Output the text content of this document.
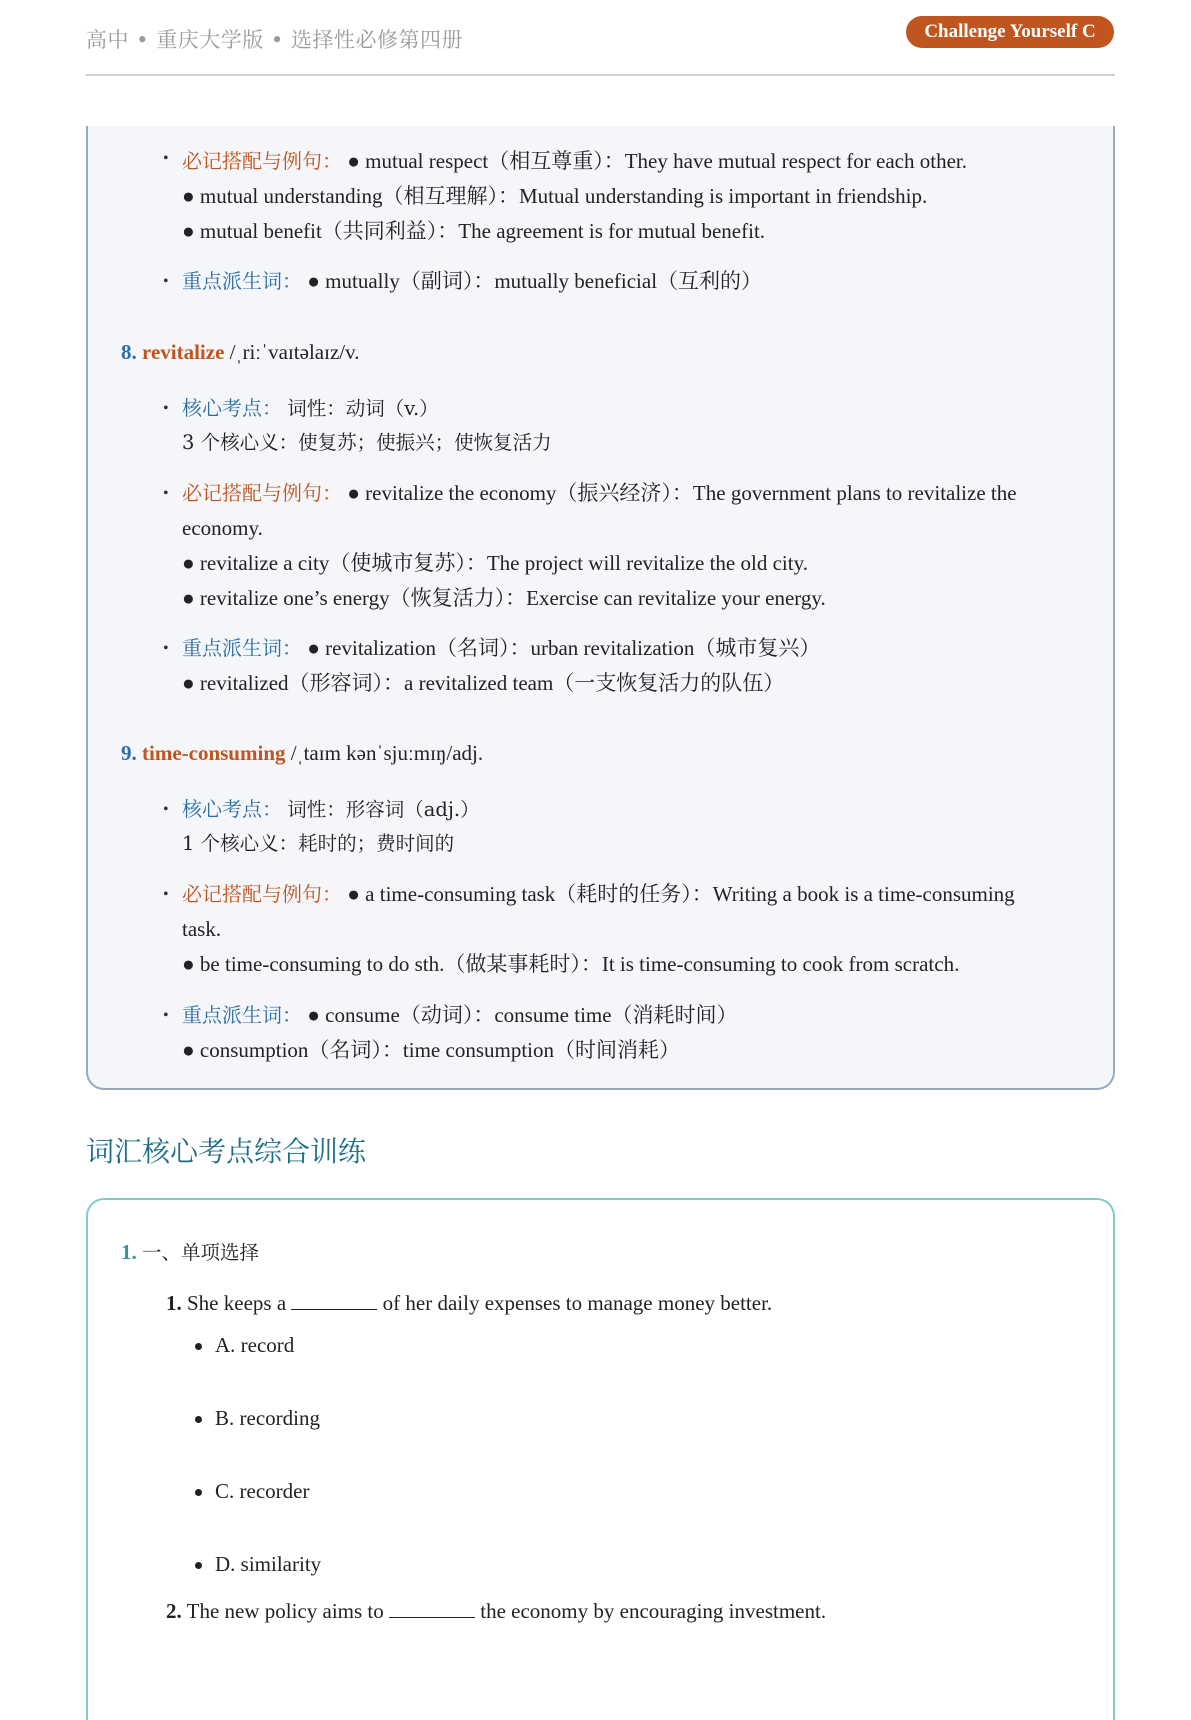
高中 • 重庆大学版 • 选择性必修第四册	Challenge Yourself C
• 必记搭配与例句： ● mutual respect（相互尊重）：They have mutual respect for each other.
● mutual understanding（相互理解）：Mutual understanding is important in friendship.
● mutual benefit（共同利益）：The agreement is for mutual benefit.
• 重点派生词： ● mutually（副词）：mutually beneficial（互利的）
8. revitalize /ˌriːˈvaɪtəlaɪz/v.
• 核心考点： 词性：动词（v.）
3 个核心义：使复苏；使振兴；使恢复活力
• 必记搭配与例句： ● revitalize the economy（振兴经济）：The government plans to revitalize the
economy.
● revitalize a city（使城市复苏）：The project will revitalize the old city.
● revitalize one’s energy（恢复活力）：Exercise can revitalize your energy.
• 重点派生词： ● revitalization（名词）：urban revitalization（城市复兴）
● revitalized（形容词）：a revitalized team（一支恢复活力的队伍）
9. time-consuming /ˌtaɪm kənˈsjuːmɪŋ/adj.
• 核心考点： 词性：形容词（adj.）
1 个核心义：耗时的；费时间的
• 必记搭配与例句： ● a time-consuming task（耗时的任务）：Writing a book is a time-consuming
task.
● be time-consuming to do sth.（做某事耗时）：It is time-consuming to cook from scratch.
• 重点派生词： ● consume（动词）：consume time（消耗时间）
● consumption（名词）：time consumption（时间消耗）
词汇核心考点综合训练
1. 一、单项选择
1. She keeps a	of her daily expenses to manage money better.
A. record
B. recording
C. recorder
D. similarity
2. The new policy aims to	the economy by encouraging investment.
